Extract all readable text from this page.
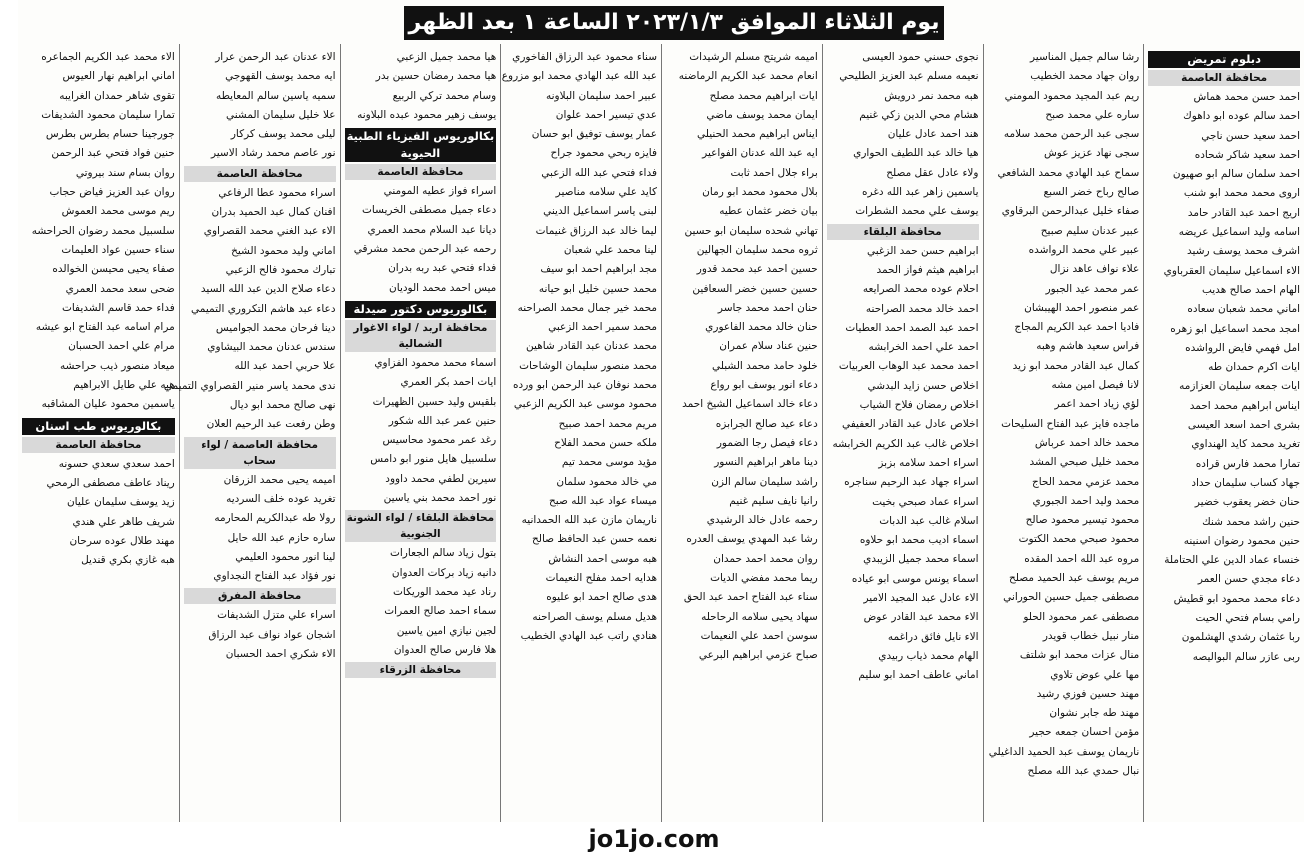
يوم الثلاثاء الموافق ٢٠٢٣/١/٣ الساعة ١ بعد الظهر
دبلوم تمريض
محافظة العاصمة
احمد حسن محمد هماش
احمد سالم عوده ابو داهوك
احمد سعيد حسن ناجي
احمد سعيد شاكر شحاده
احمد سلمان سالم ابو صهيون
اروى محمد محمد ابو شنب
اريج احمد عبد القادر حامد
اسامه وليد اسماعيل عريضه
اشرف محمد يوسف رشيد
الاء اسماعيل سليمان العقرباوي
الهام احمد صالح هديب
اماني محمد شعبان سعاده
امجد محمد اسماعيل ابو زهره
امل فهمي فايض الرواشده
ايات اكرم حمدان طه
ايات جمعه سليمان العزازمه
ايناس ابراهيم محمد احمد
بشرى احمد اسعد العيسى
تغريد محمد كايد الهنداوي
تمارا محمد فارس قراده
جهاد كساب سليمان حداد
حنان خضر يعقوب خضير
حنين راشد محمد شنك
حنين محمود رضوان اسنينه
خنساء عماد الدين علي الحتاملة
دعاء مجدي حسن العمر
دعاء محمد محمود ابو قطيش
رامي بسام فتحي الحيت
ربا عثمان رشدي الهشلمون
ربى عازر سالم البواليصه
رشا سالم جميل المناسير
روان جهاد محمد الخطيب
ريم عبد المجيد محمود المومني
ساره علي محمد صبح
سجى عبد الرحمن محمد سلامه
سجى نهاد عزيز عوش
سماح عبد الهادي محمد الشافعي
صالح رباح خضر السبع
صفاء خليل عبدالرحمن البرقاوي
عبير عدنان سليم صبيح
عبير علي محمد الرواشده
علاء نواف عاهد نزال
عمر محمد عيد الجبور
عمر منصور احمد الهيبشان
فاديا احمد عبد الكريم المجاج
فراس سعيد هاشم وهبه
كمال عبد القادر محمد ابو زيد
لانا فيصل امين مشه
لؤي زياد احمد اعمر
ماجده فايز عبد الفتاح السليحات
محمد خالد احمد عرباش
محمد خليل صبحي المشد
محمد عزمي محمد الحاج
محمد وليد احمد الجبوري
محمود تيسير محمود صالح
محمود صبحي محمد الكتوت
مروه عبد الله احمد المقده
مريم يوسف عبد الحميد مصلح
مصطفى جميل حسين الحوراني
مصطفى عمر محمود الحلو
منار نبيل خطاب قويدر
منال عزات محمد ابو شلتف
مها علي عوض تلاوي
مهند حسين فوزي رشيد
مهند طه جابر نشوان
مؤمن احسان جمعه حجير
ناريمان يوسف عبد الحميد الداغيلي
نبال حمدي عبد الله مصلح
نجوى حسني حمود العيسى
نعيمه مسلم عبد العزيز الطليحي
هبه محمد نمر درويش
هشام محي الدين زكي غنيم
هند احمد عادل عليان
هيا خالد عبد اللطيف الحواري
ولاء عادل عقل مصلح
ياسمين زاهر عبد الله دغره
يوسف علي محمد الشطرات
محافظة البلقاء
ابراهيم حسن حمد الزغبي
ابراهيم هيثم فواز الحمد
احلام عوده محمد الصرايعه
احمد خالد محمد الصراحنه
احمد عبد الصمد احمد العطيات
احمد علي احمد الخرابشه
احمد محمد عبد الوهاب العربيات
اخلاص حسن زايد البدشي
اخلاص رمضان فلاح الشياب
اخلاص عادل عبد القادر العفيفي
اخلاص غالب عبد الكريم الخرابشه
اسراء احمد سلامه بزبز
اسراء جهاد عبد الرحيم سناجره
اسراء عماد صبحي بخيت
اسلام غالب عبد الدبات
اسماء اديب محمد ابو حلاوه
اسماء محمد جميل الزيبدي
اسماء يونس موسى ابو عياده
الاء عادل عبد المجيد الامير
الاء محمد عبد القادر عوض
الاء نايل فائق دراغمه
الهام محمد ذياب ربيدي
اماني عاطف احمد ابو سليم
اميمه شريتح مسلم الرشيدات
انعام محمد عبد الكريم الرماضنه
ايات ابراهيم محمد مصلح
ايمان محمد يوسف ماضي
ايناس ابراهيم محمد الحنيلي
ايه عبد الله عدنان الفواعير
براء جلال احمد ثابت
بلال محمود محمد ابو رمان
بيان خضر عثمان عطيه
تهاني شحده سليمان ابو حسين
ثروه محمد سليمان الجهالين
حسين احمد عبد محمد قدور
حسين حسين خضر السعافين
حنان احمد محمد جاسر
حنان خالد محمد الفاعوري
حنين عناد سلام عمران
خلود حامد محمد الشبلي
دعاء انور يوسف ابو رواع
دعاء خالد اسماعيل الشيخ احمد
دعاء عيد صالح الجرابزه
دعاء فيصل رجا الضمور
دينا ماهر ابراهيم النسور
راشد سليمان سالم الزن
رانيا نايف سليم غنيم
رحمه عادل خالد الرشيدي
رشا عبد المهدي يوسف العدره
روان محمد احمد حمدان
ريما محمد مفضي الديات
سناء عبد الفتاح احمد عبد الحق
سهاد يحيى سلامه الرحاحله
سوسن احمد علي النعيمات
صباح عزمي ابراهيم البرعي
سناء محمود عبد الرزاق الفاخوري
عبد الله عبد الهادي محمد ابو مزروع
عبير احمد سليمان البلاونه
عدي تيسير احمد علوان
عمار يوسف توفيق ابو حسان
فايزه ربحي محمود جراح
فداء فتحي عبد الله الزعبي
كايد علي سلامه مناصير
لبنى ياسر اسماعيل الديني
ليما خالد عبد الرزاق غنيمات
لينا محمد علي شعبان
مجد ابراهيم احمد ابو سيف
محمد حسين خليل ابو حيانه
محمد خير جمال محمد الصراحنه
محمد سمير احمد الزعبي
محمد عدنان عبد القادر شاهين
محمد منصور سليمان الوشاحات
محمد نوفان عبد الرحمن ابو ورده
محمود موسى عبد الكريم الزعبي
مريم محمد احمد صبيح
ملكه حسن محمد الفلاح
مؤيد موسى محمد تيم
مي خالد محمود سلمان
ميساء عواد عبد الله صبح
ناريمان مازن عبد الله الحمدانيه
نعمه حسن عبد الحافظ صالح
هبه موسى احمد النشاش
هدايه احمد مفلح النعيمات
هدى صالح احمد ابو عليوه
هديل مسلم يوسف الصراحنه
هنادي راتب عبد الهادي الخطيب
هيا محمد جميل الزعبي
هيا محمد رمضان حسين بدر
وسام محمد تركي الربيع
يوسف زهير محمود عبده البلاونه
بكالوريوس الفيزياء الطبية الحيوية
محافظة العاصمة
اسراء فواز عطيه المومني
دعاء جميل مصطفى الخريسات
ديانا عبد السلام محمد العمري
رحمه عبد الرحمن محمد مشرقي
فداء فتحي عبد ربه بدران
ميس احمد محمد الوديان
بكالوريوس دكتور صيدلة
محافظة اربد / لواء الاغوار الشمالية
اسماء محمد محمود الفزاوي
ايات احمد بكر العمري
بلقيس وليد حسين الظهيرات
حنين عمر عبد الله شكور
رغد عمر محمود محاسيس
سلسبيل هايل منور ابو دامس
سيرين لطفي محمد داوود
نور احمد محمد بني ياسين
محافظة البلقاء / لواء الشونة الجنوبية
بتول زياد سالم الجعارات
دانيه زياد بركات العدوان
رناد عيد محمد الوريكات
سماء احمد صالح العمرات
لجين نيازي امين ياسين
هلا فارس صالح العدوان
محافظة الزرقاء
الاء عدنان عبد الرحمن عرار
ايه محمد يوسف القهوجي
سميه ياسين سالم المعايطه
علا خليل سليمان المشني
ليلى محمد يوسف كركار
نور عاصم محمد رشاد الاسير
محافظة العاصمة
اسراء محمود عطا الرفاعي
افنان كمال عبد الحميد بدران
الاء عبد الغني محمد القصراوي
اماني وليد محمود الشيخ
تبارك محمود فالح الزعبي
دعاء صلاح الدين عبد الله السيد
دعاء عبد هاشم التكروري التميمي
دينا فرحان محمد الجواميس
سندس عدنان محمد البيشاوي
علا حربي احمد عبد الله
ندى محمد ياسر منير القصراوي التميمي
نهى صالح محمد ابو ديال
وطن رفعت عبد الرحيم العلان
محافظة العاصمة / لواء سحاب
اميمه يحيى محمد الزرقان
تغريد عوده خلف السرديه
رولا طه عبدالكريم المحارمه
ساره حازم عبد الله حايل
لينا انور محمود العليمي
نور فؤاد عبد الفتاح النجداوي
محافظة المفرق
اسراء علي متزل الشديفات
اشجان عواد نواف عبد الرزاق
الاء شكري احمد الحسبان
الاء محمد عبد الكريم الجماعره
اماني ابراهيم نهار العيوس
تقوى شاهر حمدان الغرايبه
تمارا سليمان محمود الشديفات
جورجينا حسام بطرس بطرس
حنين فواد فتحي عبد الرحمن
روان بسام سند بيروتي
روان عبد العزيز فياض حجاب
ريم موسى محمد العموش
سلسبيل محمد رضوان الحراحشه
سناء حسين عواد العليمات
صفاء يحيى محيسن الخوالده
ضحى سعد محمد العمري
فداء حمد قاسم الشديفات
مرام اسامه عبد الفتاح ابو عيشه
مرام علي احمد الحسبان
ميعاد منصور ذيب حراحشه
هبه علي طايل الابراهيم
ياسمين محمود عليان المشاقبه
بكالوريوس طب اسنان
محافظة العاصمة
احمد سعدي سعدي حسونه
ريناد عاطف مصطفى الرمحي
زيد يوسف سليمان عليان
شريف طاهر علي هندي
مهند طلال عوده سرحان
هبه غازي بكري قنديل
jo1jo.com
